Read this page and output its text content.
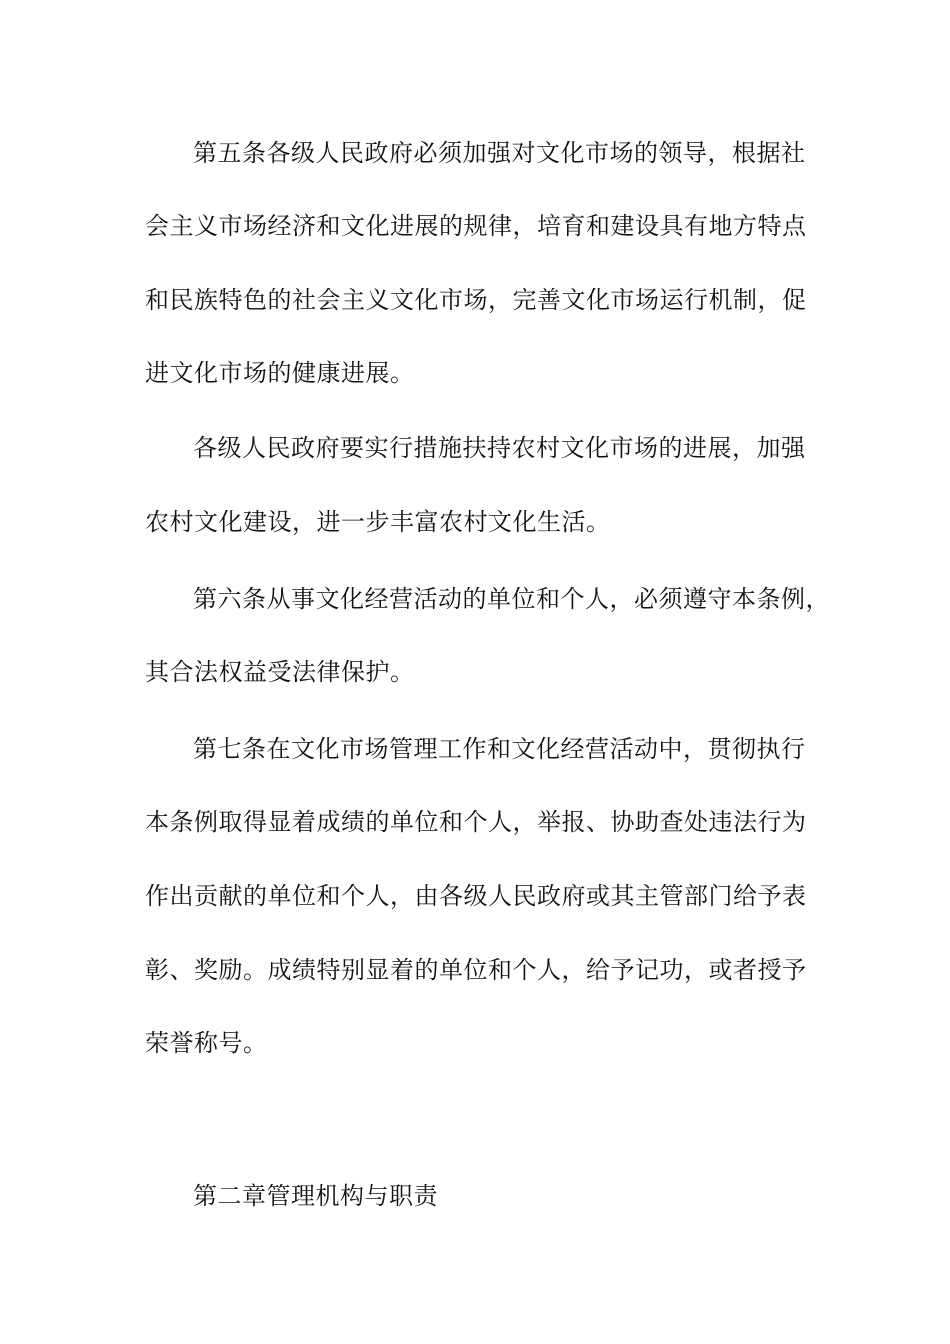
第五条各级人民政府必须加强对文化市场的领导，根据社
会主义市场经济和文化进展的规律，培育和建设具有地方特点
和民族特色的社会主义文化市场，完善文化市场运行机制，促
进文化市场的健康进展。
各级人民政府要实行措施扶持农村文化市场的进展，加强
农村文化建设，进一步丰富农村文化生活。
第六条从事文化经营活动的单位和个人，必须遵守本条例，
其合法权益受法律保护。
第七条在文化市场管理工作和文化经营活动中，贯彻执行
本条例取得显着成绩的单位和个人，举报、协助查处违法行为
作出贡献的单位和个人，由各级人民政府或其主管部门给予表
彰、奖励。成绩特别显着的单位和个人，给予记功，或者授予
荣誉称号。
第二章管理机构与职责
